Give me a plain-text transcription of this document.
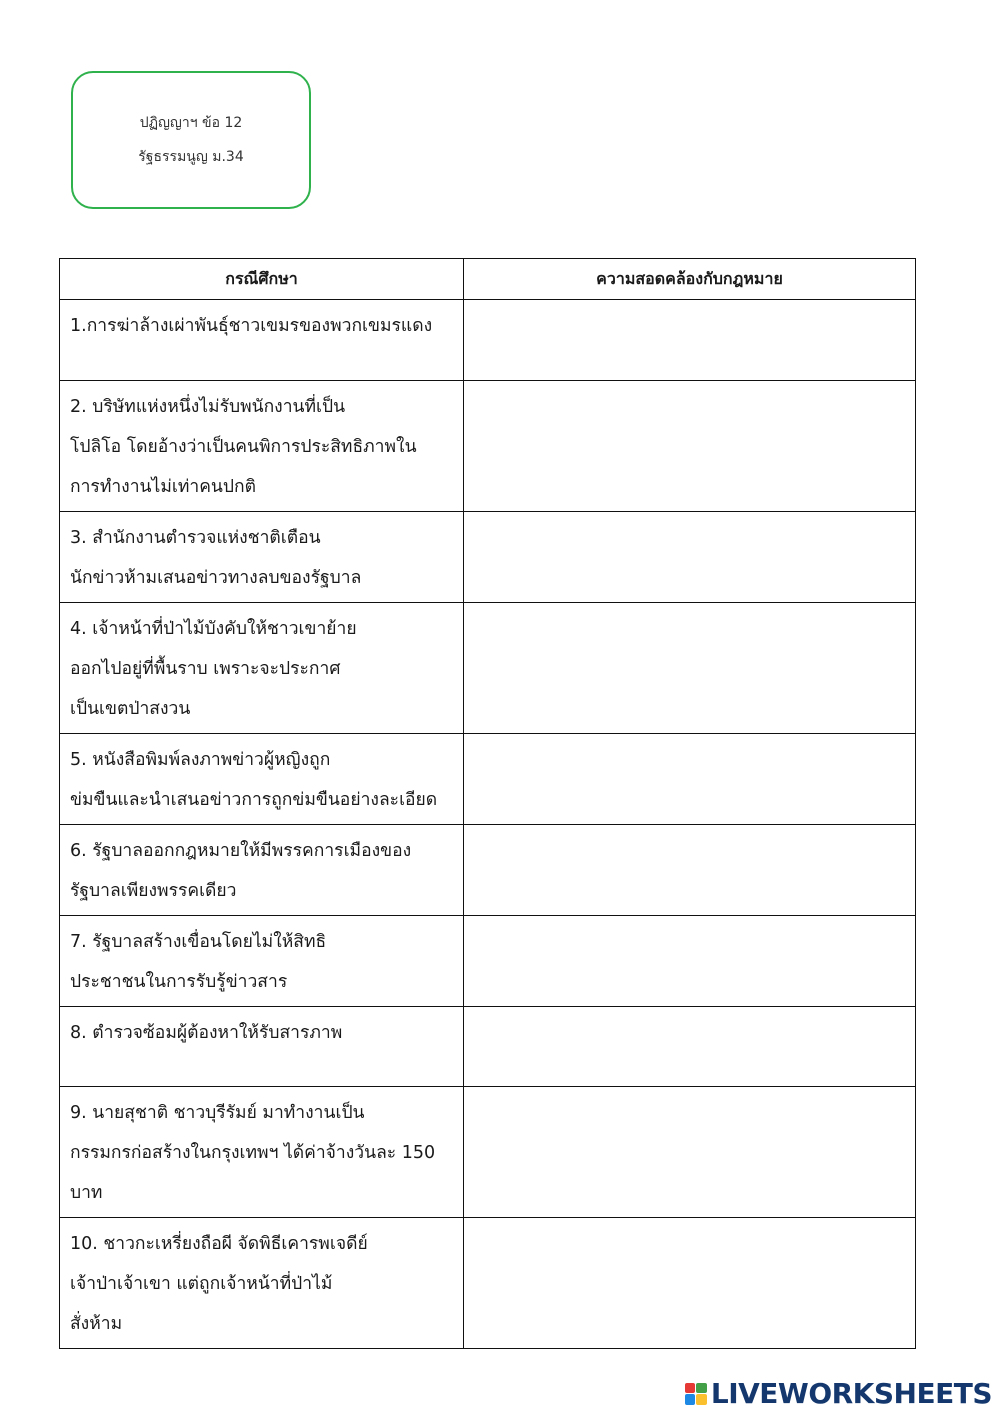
ปฏิญญาฯ ข้อ 12
รัฐธรรมนูญ ม.34
กรณีศึกษา	ความสอดคล้องกับกฎหมาย

1.การฆ่าล้างเผ่าพันธุ์ชาวเขมรของพวกเขมรแดง	

2. บริษัทแห่งหนึ่งไม่รับพนักงานที่เป็น
โปลิโอ โดยอ้างว่าเป็นคนพิการประสิทธิภาพใน
การทำงานไม่เท่าคนปกติ	

3. สำนักงานตำรวจแห่งชาติเตือน
นักข่าวห้ามเสนอข่าวทางลบของรัฐบาล	

4. เจ้าหน้าที่ป่าไม้บังคับให้ชาวเขาย้าย
ออกไปอยู่ที่พื้นราบ เพราะจะประกาศ
เป็นเขตป่าสงวน	

5. หนังสือพิมพ์ลงภาพข่าวผู้หญิงถูก
ข่มขืนและนำเสนอข่าวการถูกข่มขืนอย่างละเอียด	

6. รัฐบาลออกกฎหมายให้มีพรรคการเมืองของ
รัฐบาลเพียงพรรคเดียว	

7. รัฐบาลสร้างเขื่อนโดยไม่ให้สิทธิ
ประชาชนในการรับรู้ข่าวสาร	

8. ตำรวจซ้อมผู้ต้องหาให้รับสารภาพ	

9. นายสุชาติ ชาวบุรีรัมย์ มาทำงานเป็น
กรรมกรก่อสร้างในกรุงเทพฯ ได้ค่าจ้างวันละ 150
บาท	

10. ชาวกะเหรี่ยงถือผี จัดพิธีเคารพเจดีย์
เจ้าป่าเจ้าเขา แต่ถูกเจ้าหน้าที่ป่าไม้
สั่งห้าม	

LIVEWORKSHEETS
